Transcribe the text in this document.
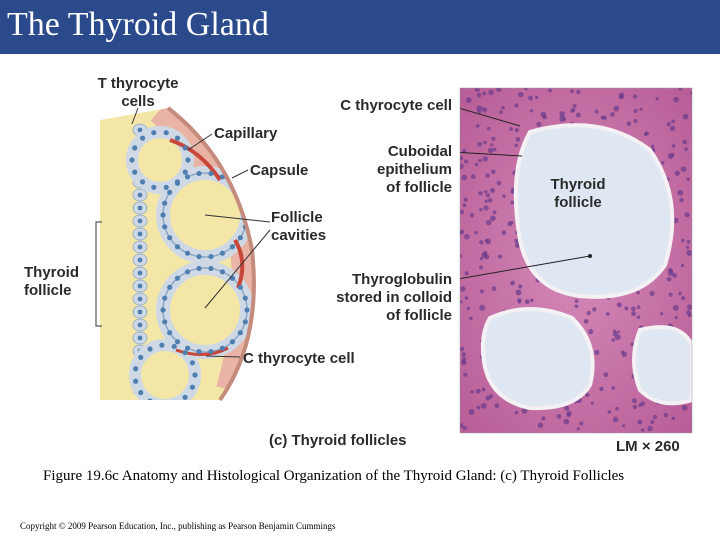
The Thyroid Gland
T thyrocyte
cells
Capillary
Capsule
Follicle
cavities
Thyroid
follicle
C thyrocyte cell
C thyrocyte cell
Cuboidal
epithelium
of follicle
Thyroglobulin
stored in colloid
of follicle
Thyroid
follicle
(c) Thyroid follicles	LM × 260
Figure 19.6c Anatomy and Histological Organization of the Thyroid Gland: (c) Thyroid Follicles
Copyright © 2009 Pearson Education, Inc., publishing as Pearson Benjamin Cummings
